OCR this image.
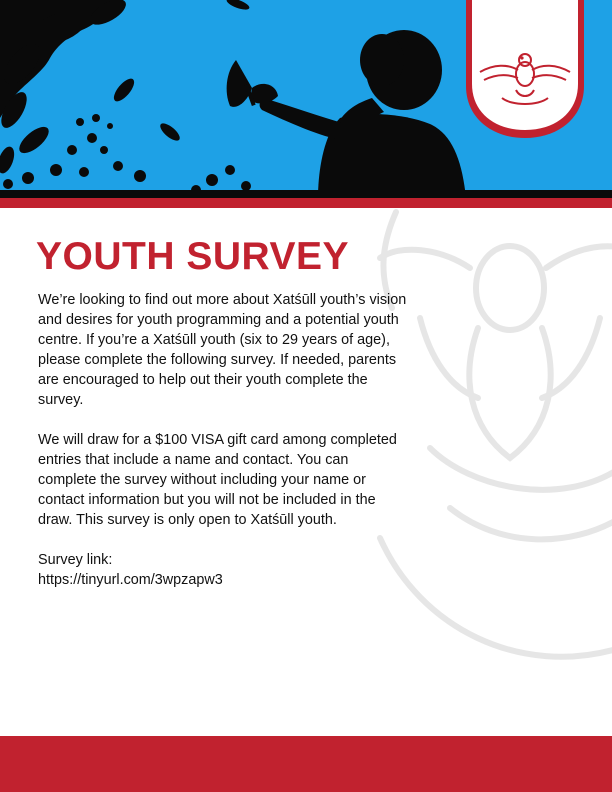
YOUTH SURVEY

We’re looking to find out more about Xatśūll youth’s vision and desires for youth programming and a potential youth centre. If you’re a Xatśūll youth (six to 29 years of age), please complete the following survey. If needed, parents are encouraged to help out their youth complete the survey.

We will draw for a $100 VISA gift card among completed entries that include a name and contact. You can complete the survey without including your name or contact information but you will not be included in the draw. This survey is only open to Xatśūll youth.

Survey link:
https://tinyurl.com/3wpzapw3
